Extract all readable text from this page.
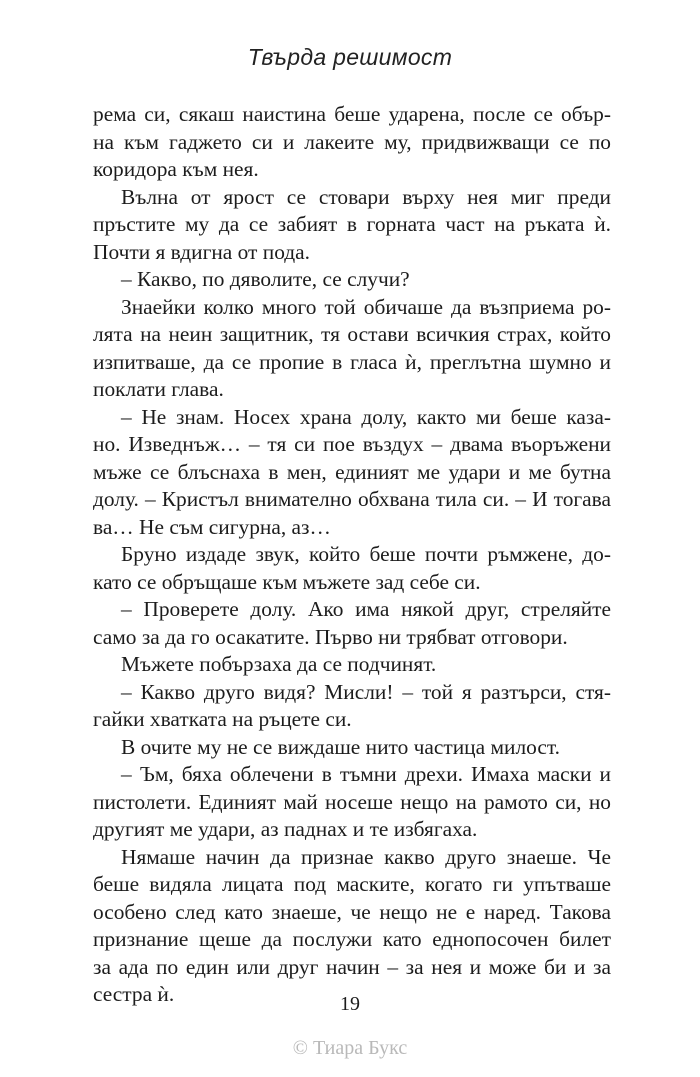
Твърда решимост
рема си, сякаш наистина беше ударена, после се обър-
на към гаджето си и лакеите му, придвижващи се по
коридора към нея.
Вълна от ярост се стовари върху нея миг преди
пръстите му да се забият в горната част на ръката ѝ.
Почти я вдигна от пода.
– Какво, по дяволите, се случи?
Знаейки колко много той обичаше да възприема ро-
лята на неин защитник, тя остави всичкия страх, който
изпитваше, да се пропие в гласа ѝ, преглътна шумно и
поклати глава.
– Не знам. Носех храна долу, както ми беше каза-
но. Изведнъж… – тя си пое въздух – двама въоръжени
мъже се блъснаха в мен, единият ме удари и ме бутна
долу. – Кристъл внимателно обхвана тила си. – И тогава
ва… Не съм сигурна, аз…
Бруно издаде звук, който беше почти ръмжене, до-
като се обръщаше към мъжете зад себе си.
– Проверете долу. Ако има някой друг, стреляйте
само за да го осакатите. Първо ни трябват отговори.
Мъжете побързаха да се подчинят.
– Какво друго видя? Мисли! – той я разтърси, стя-
гайки хватката на ръцете си.
В очите му не се виждаше нито частица милост.
– Ъм, бяха облечени в тъмни дрехи. Имаха маски и
пистолети. Единият май носеше нещо на рамото си, но
другият ме удари, аз паднах и те избягаха.
Нямаше начин да признае какво друго знаеше. Че
беше видяла лицата под маските, когато ги упътваше
особено след като знаеше, че нещо не е наред. Такова
признание щеше да послужи като еднопосочен билет
за ада по един или друг начин – за нея и може би и за
сестра ѝ.	19
© Тиара Букс
